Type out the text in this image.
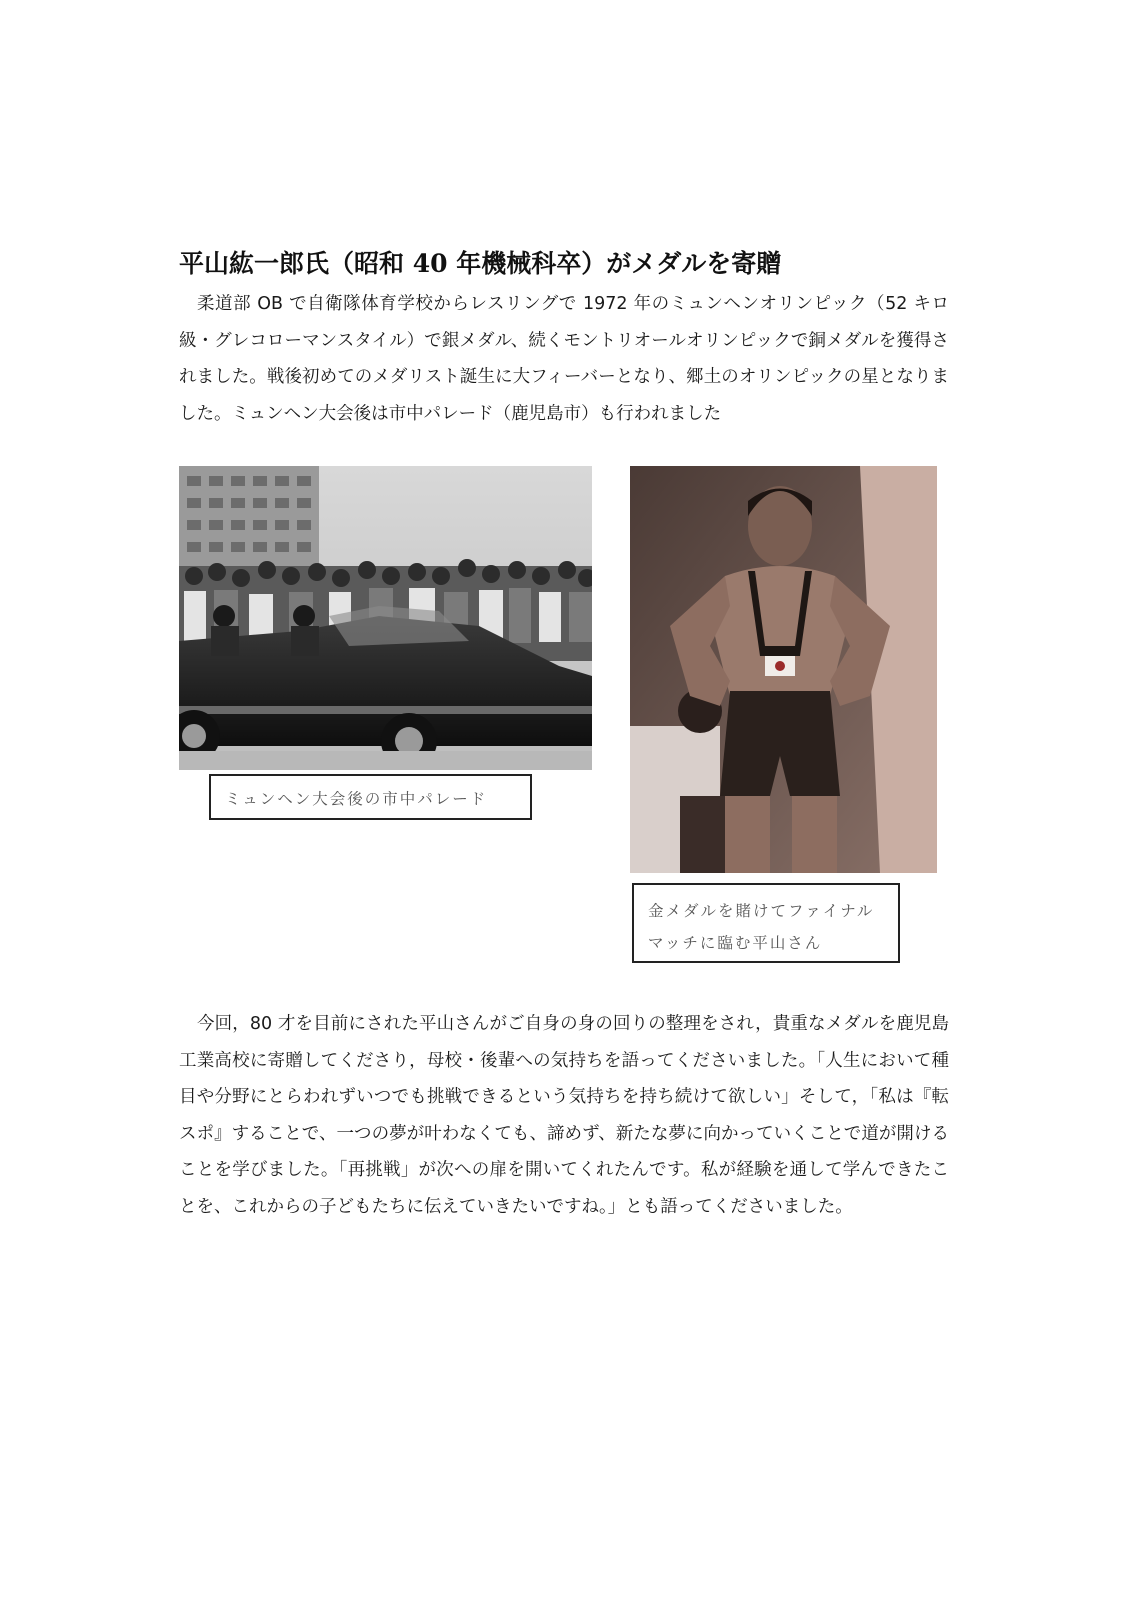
平山紘一郎氏（昭和 40 年機械科卒）がメダルを寄贈

柔道部 OB で自衛隊体育学校からレスリングで 1972 年のミュンヘンオリンピック（52 キロ級・グレコローマンスタイル）で銀メダル、続くモントリオールオリンピックで銅メダルを獲得されました。戦後初めてのメダリスト誕生に大フィーバーとなり、郷土のオリンピックの星となりました。ミュンヘン大会後は市中パレード（鹿児島市）も行われました

ミュンヘン大会後の市中パレード
金メダルを賭けてファイナルマッチに臨む平山さん

今回，80 才を目前にされた平山さんがご自身の身の回りの整理をされ，貴重なメダルを鹿児島工業高校に寄贈してくださり，母校・後輩への気持ちを語ってくださいました。「人生において種目や分野にとらわれずいつでも挑戦できるという気持ちを持ち続けて欲しい」そして，「私は『転スポ』することで、一つの夢が叶わなくても、諦めず、新たな夢に向かっていくことで道が開けることを学びました。「再挑戦」が次への扉を開いてくれたんです。私が経験を通して学んできたことを、これからの子どもたちに伝えていきたいですね。」とも語ってくださいました。
